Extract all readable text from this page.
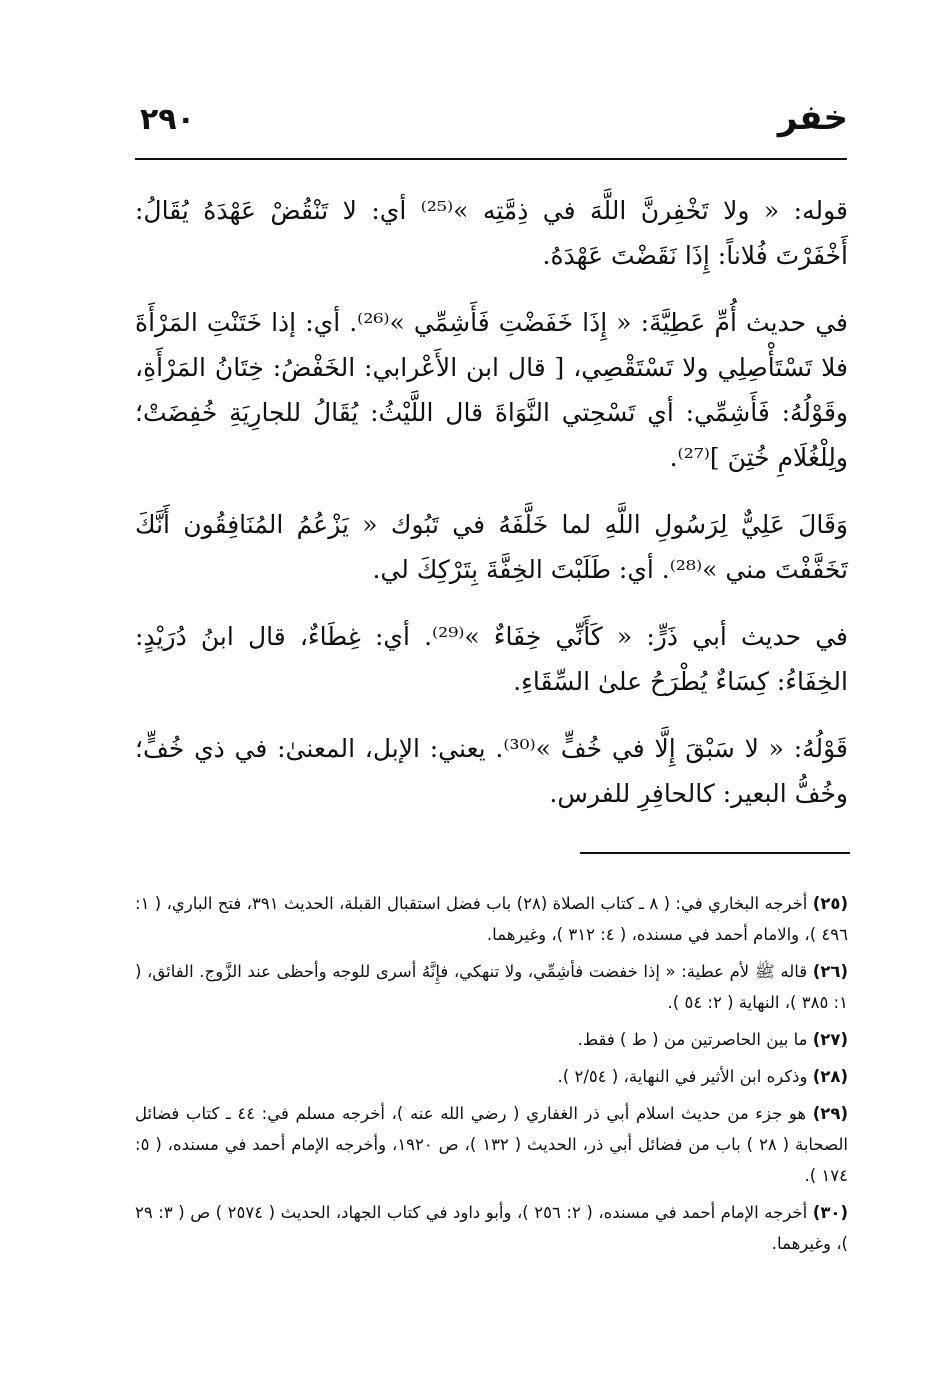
خفر
٢٩٠

قوله: « ولا تَخْفِرنَّ اللَّهَ في ذِمَّتِه »⁽²⁵⁾ أي: لا تَنْقُضْ عَهْدَهُ يُقَالُ: أَخْفَرْتَ فُلاناً: إِذَا نَقَضْتَ عَهْدَهُ.

في حديث أُمِّ عَطِيَّةَ: « إِذَا خَفَضْتِ فَأَشِمِّي »⁽²⁶⁾. أي: إذا خَتَنْتِ المَرْأَةَ فلا تَسْتَأْصِلِي ولا تَسْتَقْصِي، [ قال ابن الأَعْرابي: الخَفْضُ: خِتَانُ المَرْأَةِ، وقَوْلُهُ: فَأَشِمِّي: أي تَسْحِتي النَّوَاةَ قال اللَّيْثُ: يُقَالُ للجارِيَةِ خُفِضَتْ؛ ولِلْغُلَامِ خُتِنَ ]⁽²⁷⁾.

وَقَالَ عَلِيٌّ لِرَسُولِ اللَّهِ لما خَلَّفَهُ في تَبُوك « يَزْعُمُ المُنَافِقُون أَنَّكَ تَخَفَّفْتَ مني »⁽²⁸⁾. أي: طَلَبْتَ الخِفَّةَ بِتَرْكِكَ لي.

في حديث أبي ذَرٍّ: « كَأَنِّي خِفَاءٌ »⁽²⁹⁾. أي: غِطَاءٌ، قال ابنُ دُرَيْدٍ: الخِفَاءُ: كِسَاءٌ يُطْرَحُ علىٰ السِّقَاءِ.

قَوْلُهُ: « لا سَبْقَ إِلَّا في خُفٍّ »⁽³⁰⁾. يعني: الإبل، المعنىٰ: في ذي خُفٍّ؛ وخُفُّ البعير: كالحافِرِ للفرس.

(٢٥) أخرجه البخاري في: ( ٨ ـ كتاب الصلاة (٢٨) باب فضل استقبال القبلة، الحديث ٣٩١، فتح الباري، ( ١: ٤٩٦ )، والامام أحمد في مسنده، ( ٤: ٣١٢ )، وغيرهما.
(٢٦) قاله ﷺ لأم عطية: « إذا خفضت فأشِمِّي، ولا تنهكي، فإِنَّهُ أسرى للوجه وأحظى عند الزَّوج. الفائق، ( ١: ٣٨٥ )، النهاية ( ٢: ٥٤ ).
(٢٧) ما بين الحاصرتين من ( ط ) فقط.
(٢٨) وذكره ابن الأثير في النهاية، ( ٢/٥٤ ).
(٢٩) هو جزء من حديث اسلام أبي ذر الغفاري ( رضي الله عنه )، أخرجه مسلم في: ٤٤ ـ كتاب فضائل الصحابة ( ٢٨ ) باب من فضائل أبي ذر، الحديث ( ١٣٢ )، ص ١٩٢٠، وأخرجه الإمام أحمد في مسنده، ( ٥: ١٧٤ ).
(٣٠) أخرجه الإمام أحمد في مسنده، ( ٢: ٢٥٦ )، وأبو داود في كتاب الجهاد، الحديث ( ٢٥٧٤ ) ص ( ٣: ٢٩ )، وغيرهما.
